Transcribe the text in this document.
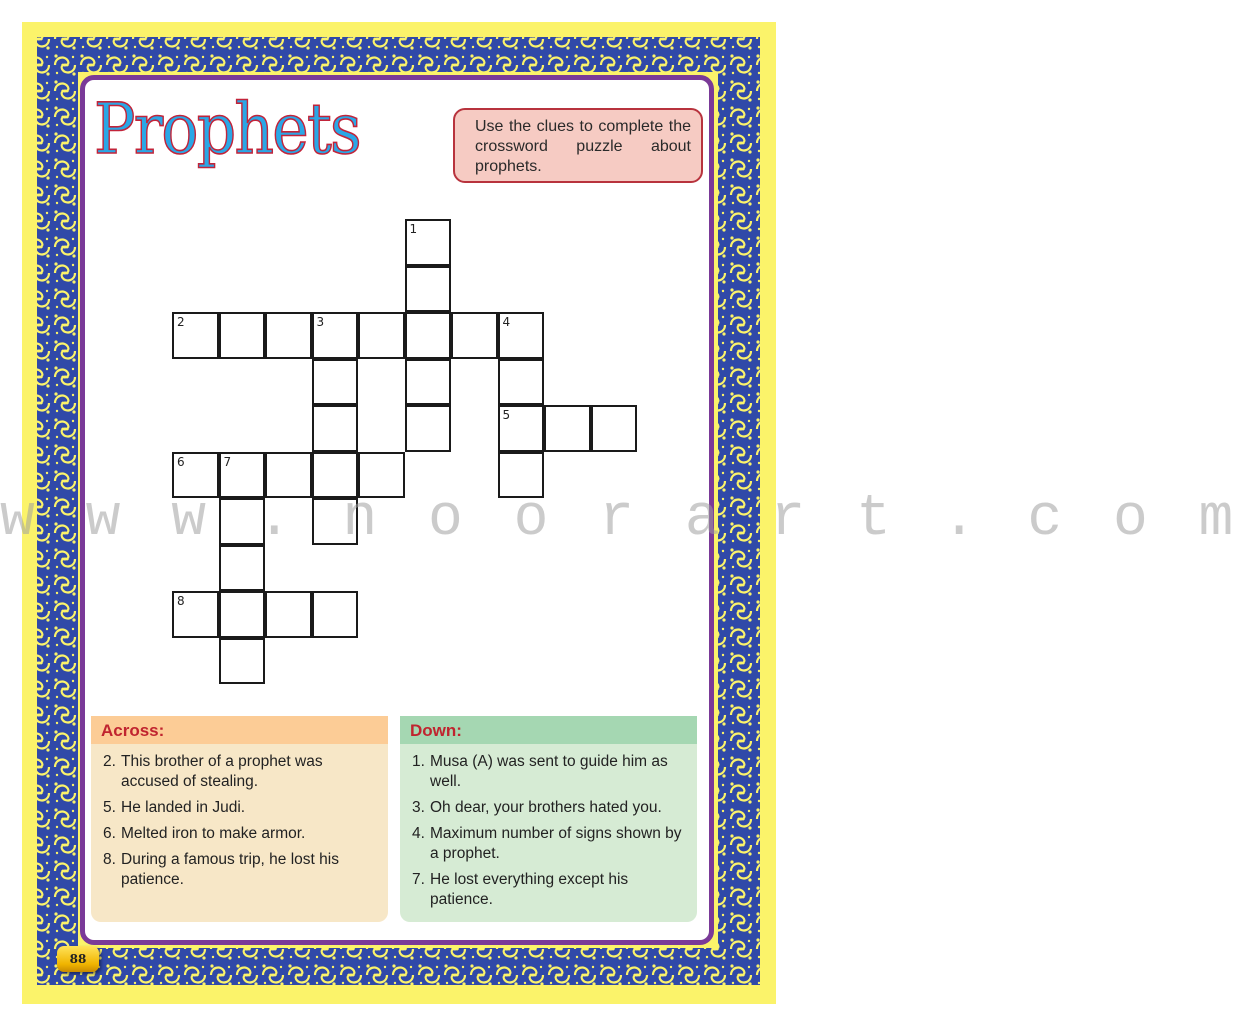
Prophets	Use the clues to complete the crossword puzzle about prophets.
1
2	3	4
5
6	7
8
w w w . n o o r a r t . c o m
Across:
2. This brother of a prophet was accused of stealing.
5. He landed in Judi.
6. Melted iron to make armor.
8. During a famous trip, he lost his patience.
Down:
1. Musa (A) was sent to guide him as well.
3. Oh dear, your brothers hated you.
4. Maximum number of signs shown by a prophet.
7. He lost everything except his patience.
88
